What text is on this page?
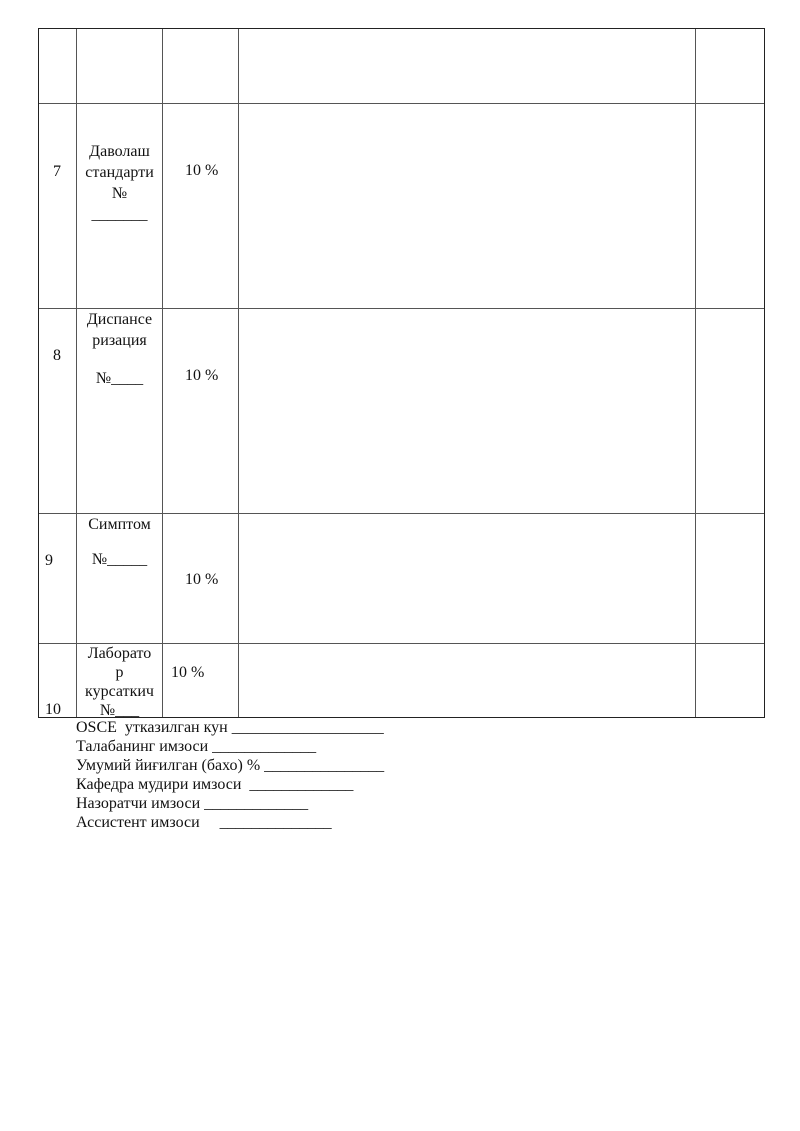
7
Даволаш
стандарти
№
_______
10 %
8
Диспансе
ризация
№____	10 %
9
Симптом
№_____
10 %
10
Лаборато
р
курсаткич
№___
10 %
OSCE  утказилган кун ___________________
Талабанинг имзоси _____________
Умумий йиғилган (бахо) % _______________
Кафедра мудири имзоси  _____________
Назоратчи имзоси _____________
Ассистент имзоси     ______________
